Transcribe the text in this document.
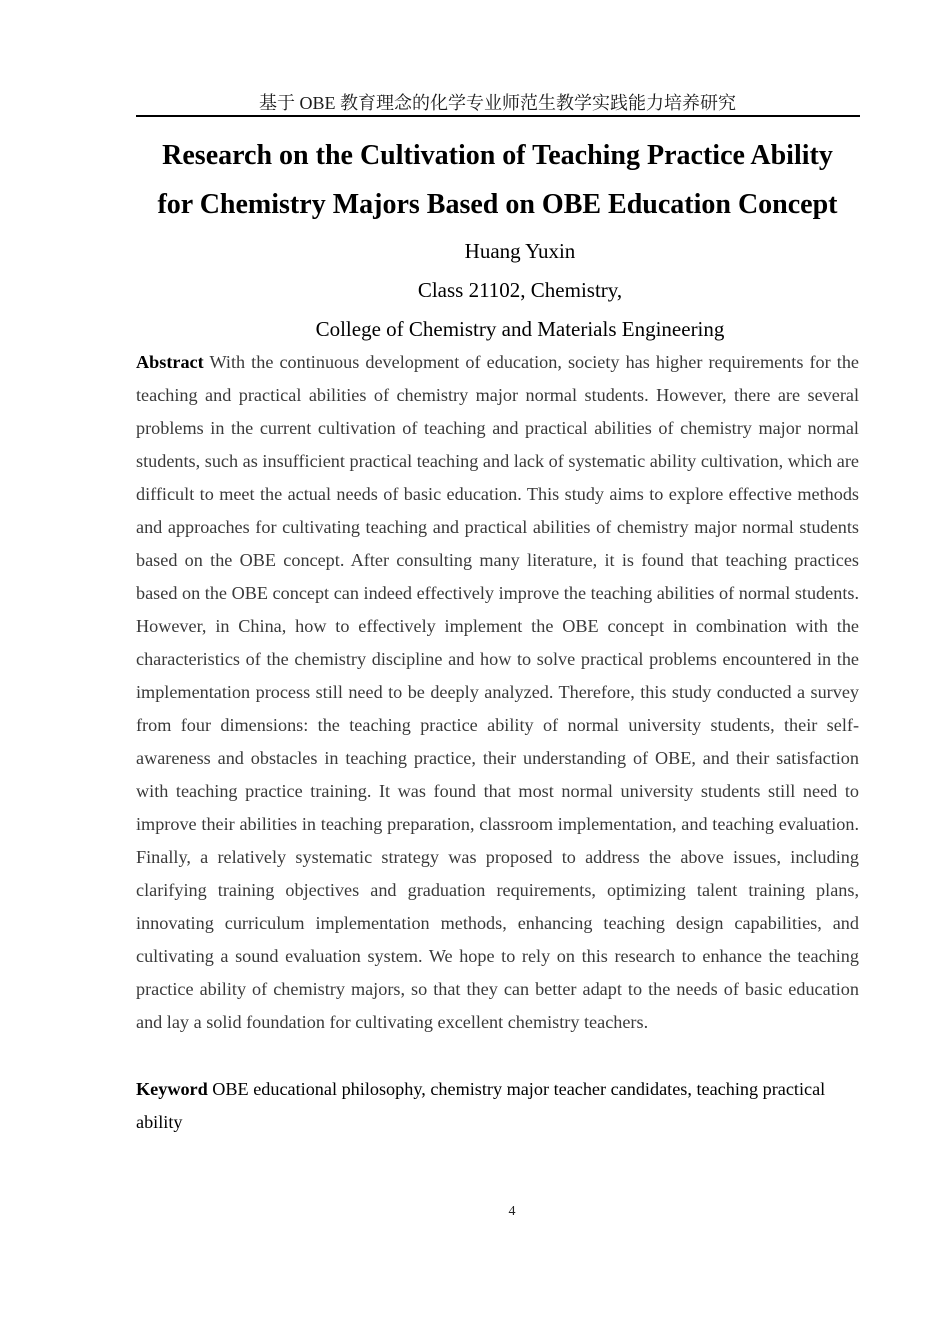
基于 OBE 教育理念的化学专业师范生教学实践能力培养研究
Research on the Cultivation of Teaching Practice Ability
for Chemistry Majors Based on OBE Education Concept
Huang Yuxin
Class 21102, Chemistry,
College of Chemistry and Materials Engineering

Abstract With the continuous development of education, society has higher requirements for the teaching and practical abilities of chemistry major normal students. However, there are several problems in the current cultivation of teaching and practical abilities of chemistry major normal students, such as insufficient practical teaching and lack of systematic ability cultivation, which are difficult to meet the actual needs of basic education. This study aims to explore effective methods and approaches for cultivating teaching and practical abilities of chemistry major normal students based on the OBE concept. After consulting many literature, it is found that teaching practices based on the OBE concept can indeed effectively improve the teaching abilities of normal students. However, in China, how to effectively implement the OBE concept in combination with the characteristics of the chemistry discipline and how to solve practical problems encountered in the implementation process still need to be deeply analyzed. Therefore, this study conducted a survey from four dimensions: the teaching practice ability of normal university students, their self-awareness and obstacles in teaching practice, their understanding of OBE, and their satisfaction with teaching practice training. It was found that most normal university students still need to improve their abilities in teaching preparation, classroom implementation, and teaching evaluation. Finally, a relatively systematic strategy was proposed to address the above issues, including clarifying training objectives and graduation requirements, optimizing talent training plans, innovating curriculum implementation methods, enhancing teaching design capabilities, and cultivating a sound evaluation system. We hope to rely on this research to enhance the teaching practice ability of chemistry majors, so that they can better adapt to the needs of basic education and lay a solid foundation for cultivating excellent chemistry teachers.

Keyword OBE educational philosophy, chemistry major teacher candidates, teaching practical ability

4
